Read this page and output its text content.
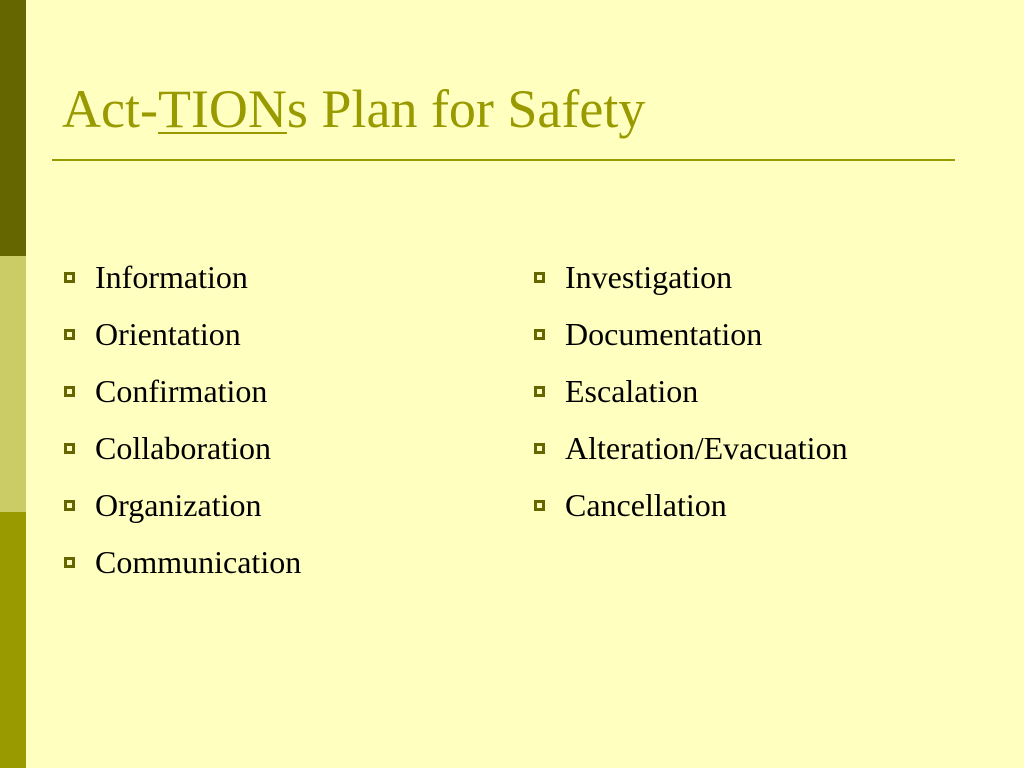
Act-TIONs Plan for Safety
Information
Orientation
Confirmation
Collaboration
Organization
Communication
Investigation
Documentation
Escalation
Alteration/Evacuation
Cancellation
